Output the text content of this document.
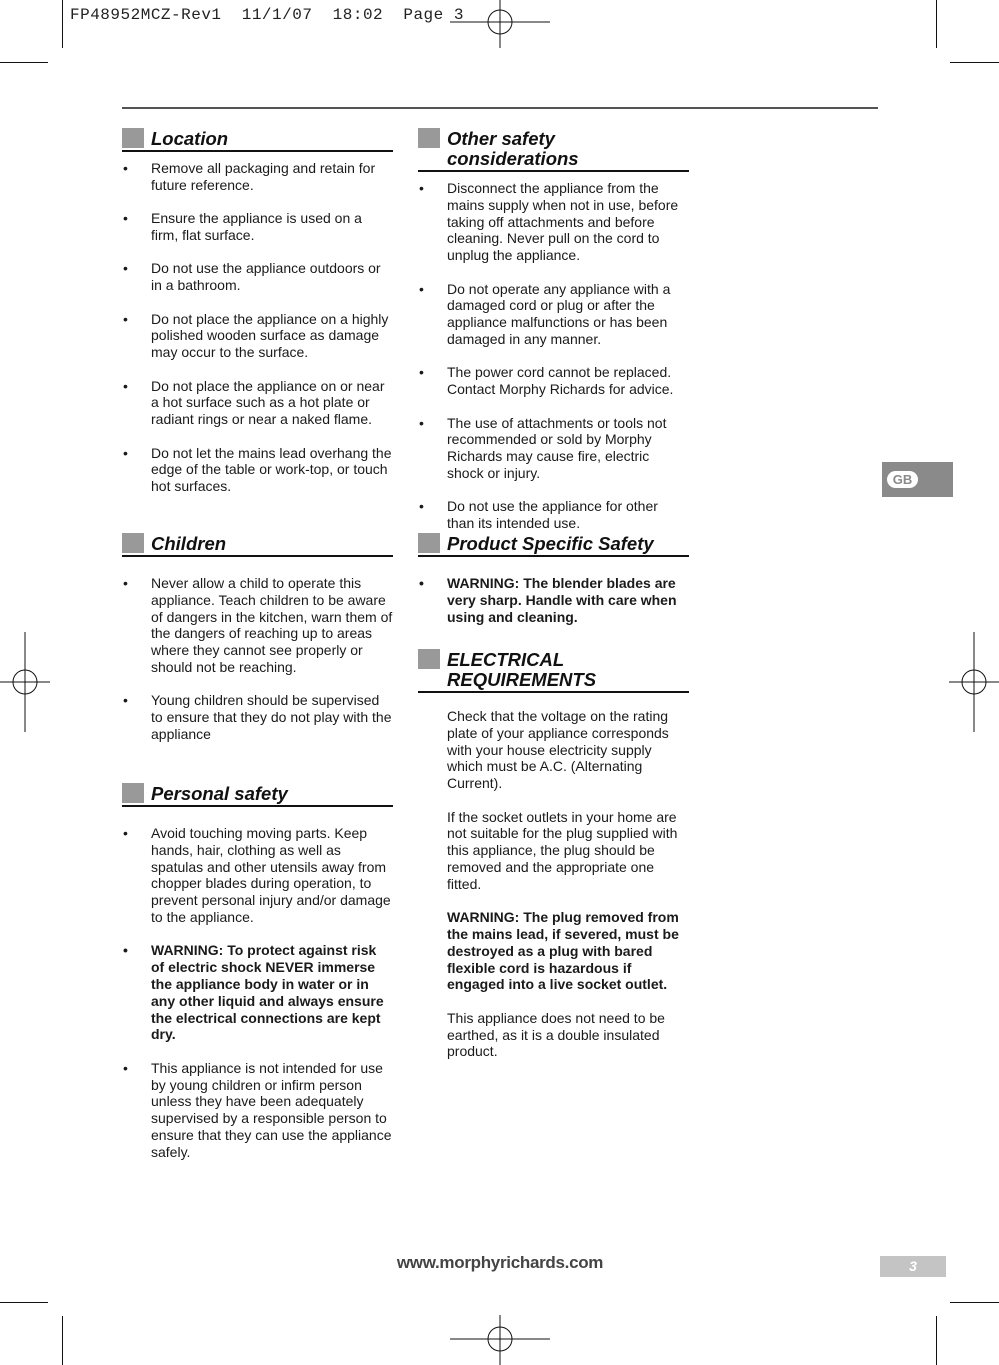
FP48952MCZ-Rev1  11/1/07  18:02  Page 3
Location
• Remove all packaging and retain for future reference.
• Ensure the appliance is used on a firm, flat surface.
• Do not use the appliance outdoors or in a bathroom.
• Do not place the appliance on a highly polished wooden surface as damage may occur to the surface.
• Do not place the appliance on or near a hot surface such as a hot plate or radiant rings or near a naked flame.
• Do not let the mains lead overhang the edge of the table or work-top, or touch hot surfaces.
Children
• Never allow a child to operate this appliance. Teach children to be aware of dangers in the kitchen, warn them of the dangers of reaching up to areas where they cannot see properly or should not be reaching.
• Young children should be supervised to ensure that they do not play with the appliance
Personal safety
• Avoid touching moving parts. Keep hands, hair, clothing as well as spatulas and other utensils away from chopper blades during operation, to prevent personal injury and/or damage to the appliance.
• WARNING: To protect against risk of electric shock NEVER immerse the appliance body in water or in any other liquid and always ensure the electrical connections are kept dry.
• This appliance is not intended for use by young children or infirm person unless they have been adequately supervised by a responsible person to ensure that they can use the appliance safely.
Other safety considerations
• Disconnect the appliance from the mains supply when not in use, before taking off attachments and before cleaning. Never pull on the cord to unplug the appliance.
• Do not operate any appliance with a damaged cord or plug or after the appliance malfunctions or has been damaged in any manner.
• The power cord cannot be replaced. Contact Morphy Richards for advice.
• The use of attachments or tools not recommended or sold by Morphy Richards may cause fire, electric shock or injury.
• Do not use the appliance for other than its intended use.
Product Specific Safety
• WARNING: The blender blades are very sharp. Handle with care when using and cleaning.
ELECTRICAL
REQUIREMENTS

Check that the voltage on the rating plate of your appliance corresponds with your house electricity supply which must be A.C. (Alternating Current).

If the socket outlets in your home are not suitable for the plug supplied with this appliance, the plug should be removed and the appropriate one fitted.

WARNING: The plug removed from the mains lead, if severed, must be destroyed as a plug with bared flexible cord is hazardous if engaged into a live socket outlet.

This appliance does not need to be earthed, as it is a double insulated product.

GB
www.morphyrichards.com	3
